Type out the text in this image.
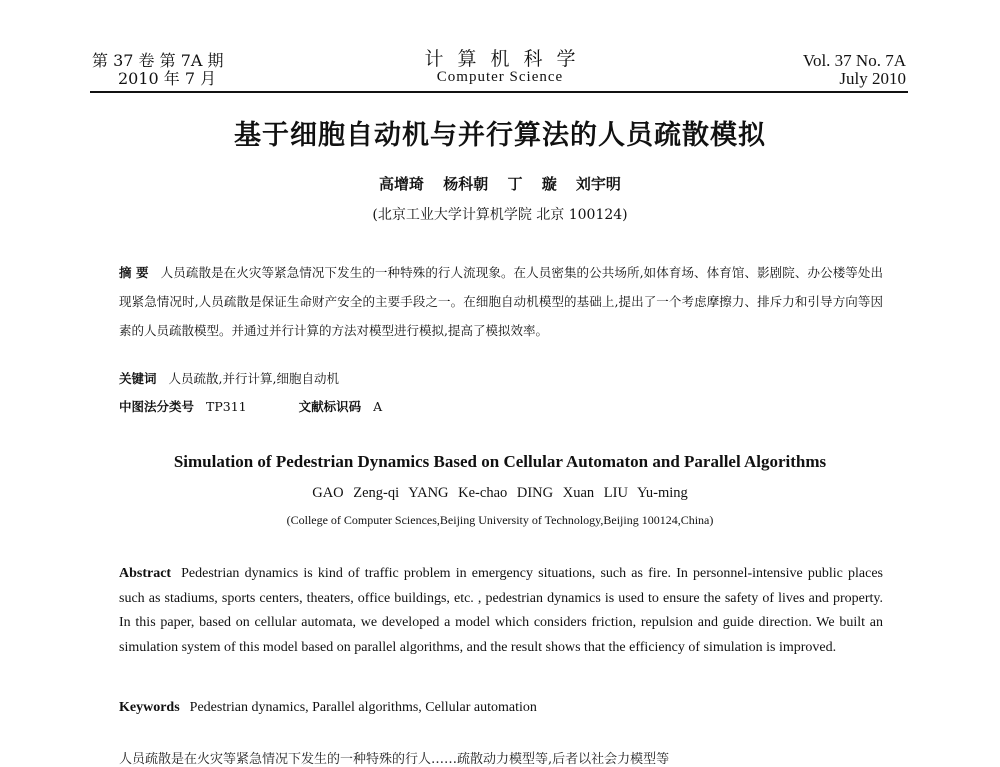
第 37 卷 第 7A 期
2010 年 7 月
计算机科学
Computer Science
Vol. 37 No. 7A
July 2010
基于细胞自动机与并行算法的人员疏散模拟
高增琦 杨科朝 丁 璇 刘宇明
(北京工业大学计算机学院 北京 100124)
摘 要 人员疏散是在火灾等紧急情况下发生的一种特殊的行人流现象。在人员密集的公共场所,如体育场、体育馆、影剧院、办公楼等处出现紧急情况时,人员疏散是保证生命财产安全的主要手段之一。在细胞自动机模型的基础上,提出了一个考虑摩擦力、排斥力和引导方向等因素的人员疏散模型。并通过并行计算的方法对模型进行模拟,提高了模拟效率。
关键词 人员疏散,并行计算,细胞自动机
中图法分类号 TP311	文献标识码 A
Simulation of Pedestrian Dynamics Based on Cellular Automaton and Parallel Algorithms
GAO Zeng-qi YANG Ke-chao DING Xuan LIU Yu-ming
(College of Computer Sciences,Beijing University of Technology,Beijing 100124,China)
Abstract Pedestrian dynamics is kind of traffic problem in emergency situations, such as fire. In personnel-intensive public places such as stadiums, sports centers, theaters, office buildings, etc. , pedestrian dynamics is used to ensure the safety of lives and property. In this paper, based on cellular automata, we developed a model which considers friction, repulsion and guide direction. We built an simulation system of this model based on parallel algorithms, and the result shows that the efficiency of simulation is improved.
Keywords Pedestrian dynamics, Parallel algorithms, Cellular automation
人员疏散是在火灾等紧急情况下发生的一种特殊的行人……疏散动力模型等,后者以社会力模型等
